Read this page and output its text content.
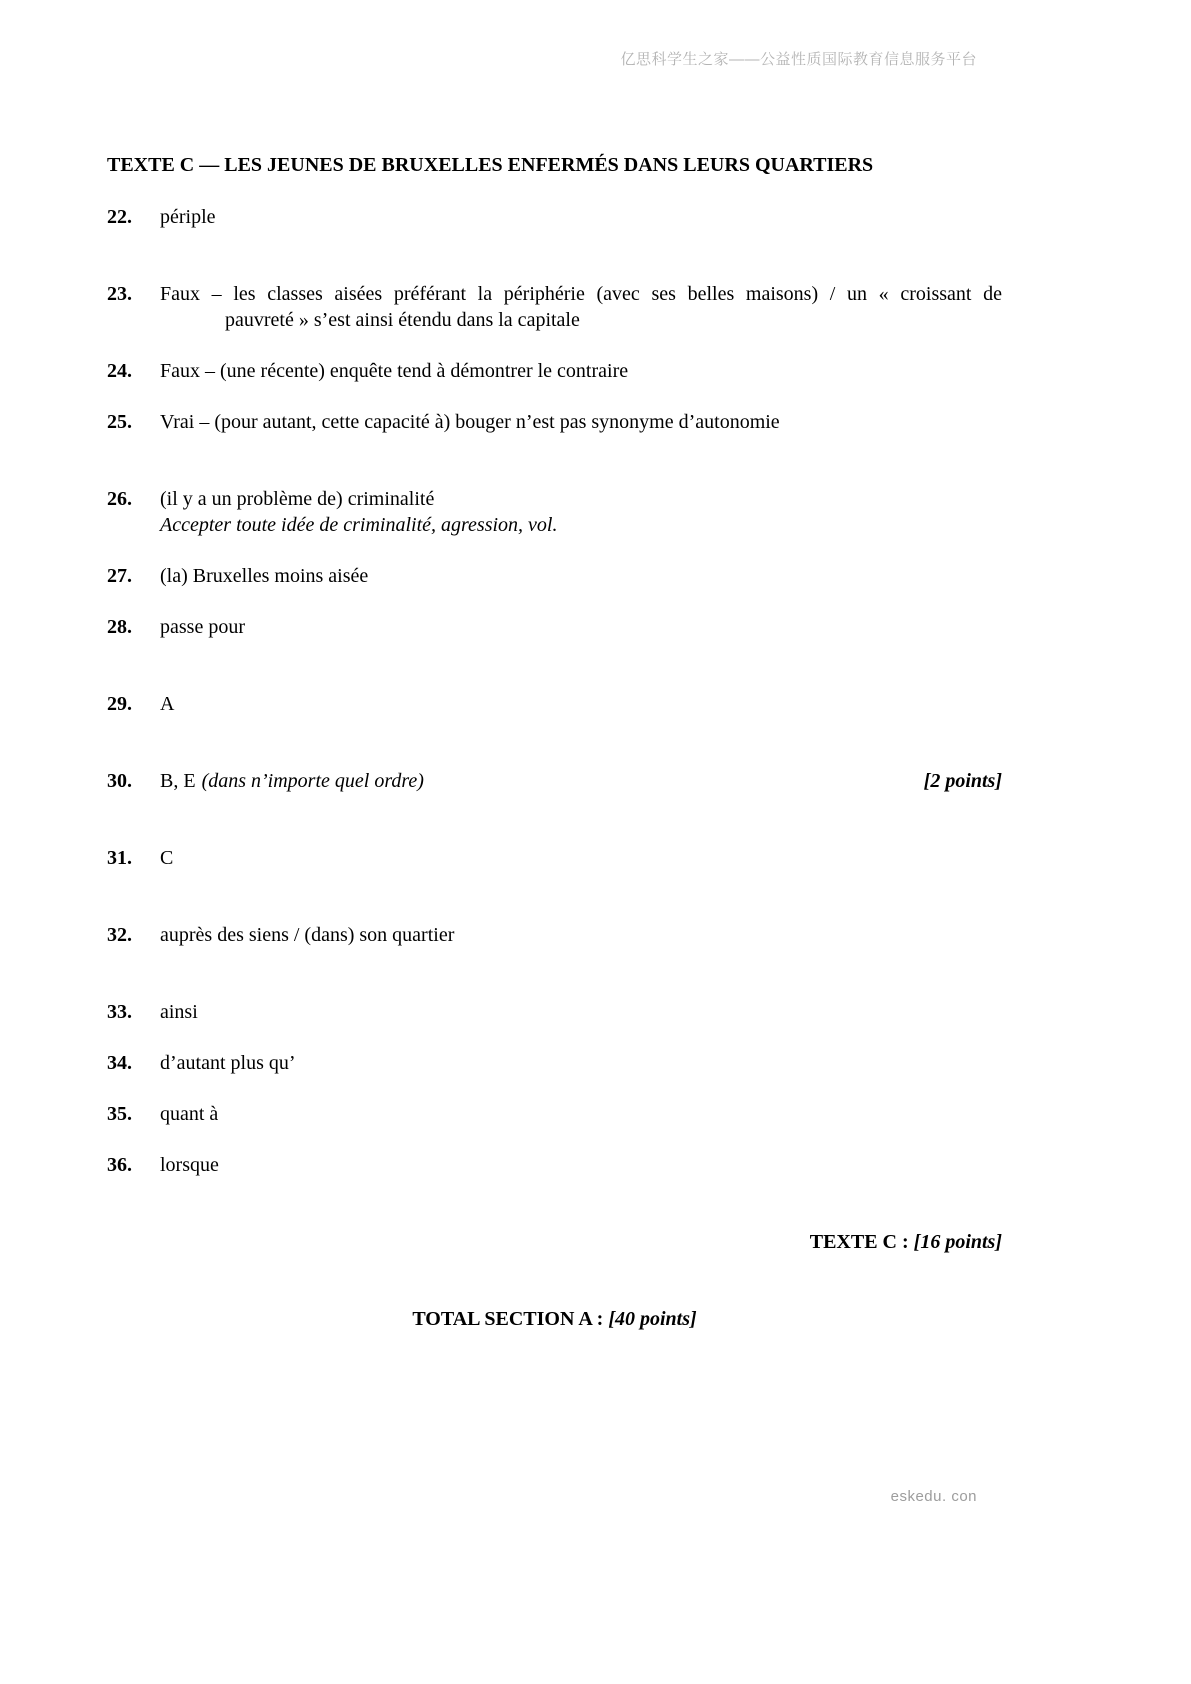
亿思科学生之家——公益性质国际教育信息服务平台
TEXTE C — LES JEUNES DE BRUXELLES ENFERMÉS DANS LEURS QUARTIERS
22.	périple
23.	Faux – les classes aisées préférant la périphérie (avec ses belles maisons) / un « croissant de
pauvreté » s’est ainsi étendu dans la capitale
24.	Faux – (une récente) enquête tend à démontrer le contraire
25.	Vrai – (pour autant, cette capacité à) bouger n’est pas synonyme d’autonomie
26.	(il y a un problème de) criminalité
Accepter toute idée de criminalité, agression, vol.
27.	(la) Bruxelles moins aisée
28.	passe pour
29.	A
30.	B, E (dans n’importe quel ordre)	[2 points]
31.	C
32.	auprès des siens / (dans) son quartier
33.	ainsi
34.	d’autant plus qu’
35.	quant à
36.	lorsque
TEXTE C : [16 points]
TOTAL SECTION A : [40 points]
eskedu. con
